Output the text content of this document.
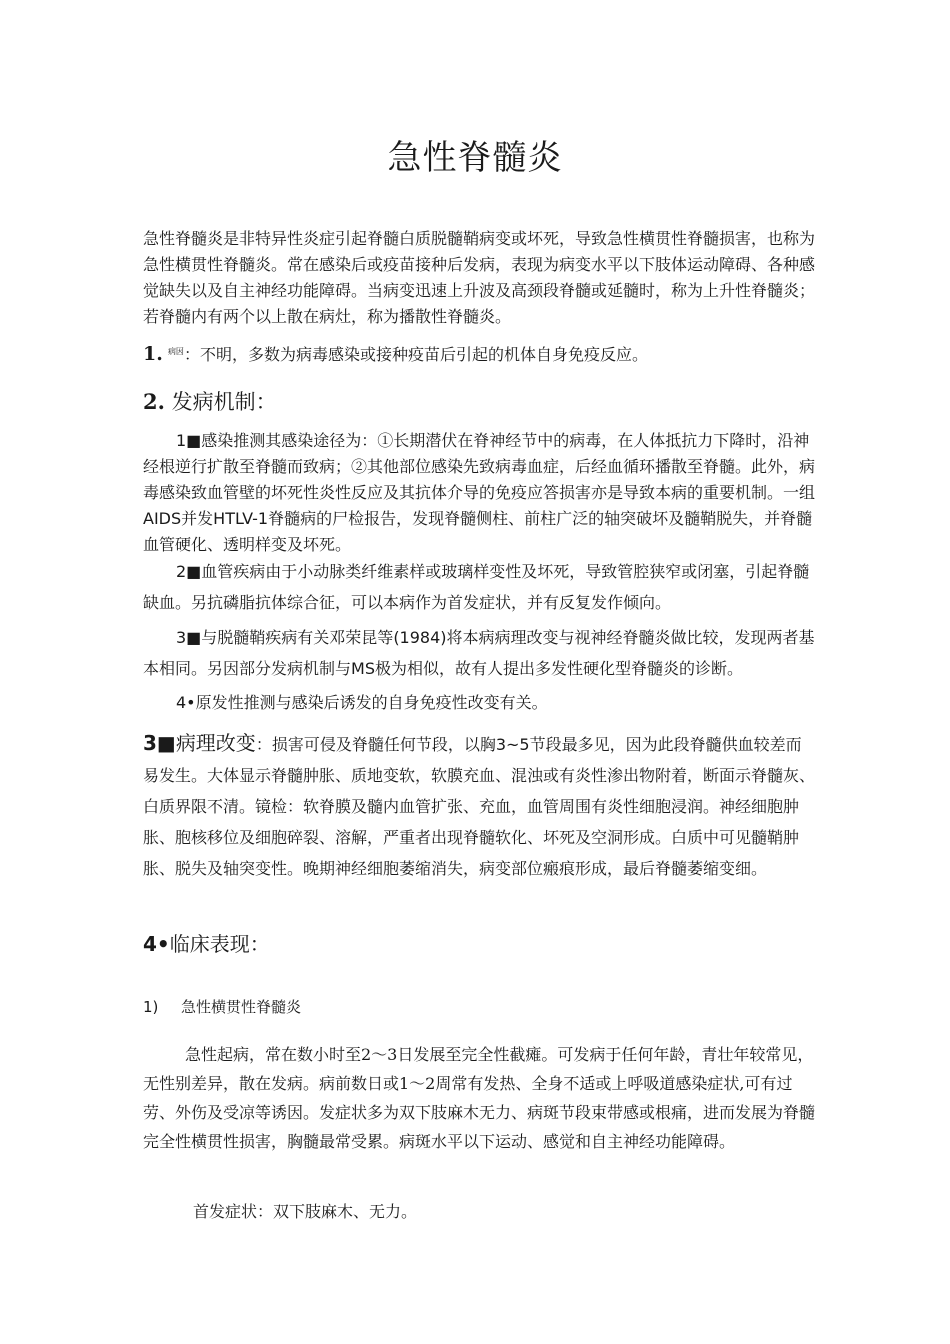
急性脊髓炎
急性脊髓炎是非特异性炎症引起脊髓白质脱髓鞘病变或坏死，导致急性横贯性脊髓损害，也称为急性横贯性脊髓炎。常在感染后或疫苗接种后发病，表现为病变水平以下肢体运动障碍、各种感觉缺失以及自主神经功能障碍。当病变迅速上升波及高颈段脊髓或延髓时，称为上升性脊髓炎；若脊髓内有两个以上散在病灶，称为播散性脊髓炎。
1. $^{病因}$：不明，多数为病毒感染或接种疫苗后引起的机体自身免疫反应。
2. 发病机制：
1■感染推测其感染途径为：①长期潜伏在脊神经节中的病毒，在人体抵抗力下降时，沿神经根逆行扩散至脊髓而致病；②其他部位感染先致病毒血症，后经血循环播散至脊髓。此外，病毒感染致血管壁的坏死性炎性反应及其抗体介导的免疫应答损害亦是导致本病的重要机制。一组AIDS并发HTLV-1脊髓病的尸检报告，发现脊髓侧柱、前柱广泛的轴突破坏及髓鞘脱失，并脊髓血管硬化、透明样变及坏死。
2■血管疾病由于小动脉类纤维素样或玻璃样变性及坏死，导致管腔狭窄或闭塞，引起脊髓缺血。另抗磷脂抗体综合征，可以本病作为首发症状，并有反复发作倾向。
3■与脱髓鞘疾病有关邓荣昆等(1984)将本病病理改变与视神经脊髓炎做比较，发现两者基本相同。另因部分发病机制与MS极为相似，故有人提出多发性硬化型脊髓炎的诊断。
4•原发性推测与感染后诱发的自身免疫性改变有关。
3■病理改变：损害可侵及脊髓任何节段，以胸3~5节段最多见，因为此段脊髓供血较差而易发生。大体显示脊髓肿胀、质地变软，软膜充血、混浊或有炎性渗出物附着，断面示脊髓灰、白质界限不清。镜检：软脊膜及髓内血管扩张、充血，血管周围有炎性细胞浸润。神经细胞肿胀、胞核移位及细胞碎裂、溶解，严重者出现脊髓软化、坏死及空洞形成。白质中可见髓鞘肿胀、脱失及轴突变性。晚期神经细胞萎缩消失，病变部位瘢痕形成，最后脊髓萎缩变细。
4•临床表现：
1) 急性横贯性脊髓炎
急性起病，常在数小时至2～3日发展至完全性截瘫。可发病于任何年龄，青壮年较常见，无性别差异，散在发病。病前数日或1～2周常有发热、全身不适或上呼吸道感染症状,可有过劳、外伤及受凉等诱因。发症状多为双下肢麻木无力、病斑节段束带感或根痛，进而发展为脊髓完全性横贯性损害，胸髓最常受累。病斑水平以下运动、感觉和自主神经功能障碍。
首发症状：双下肢麻木、无力。
